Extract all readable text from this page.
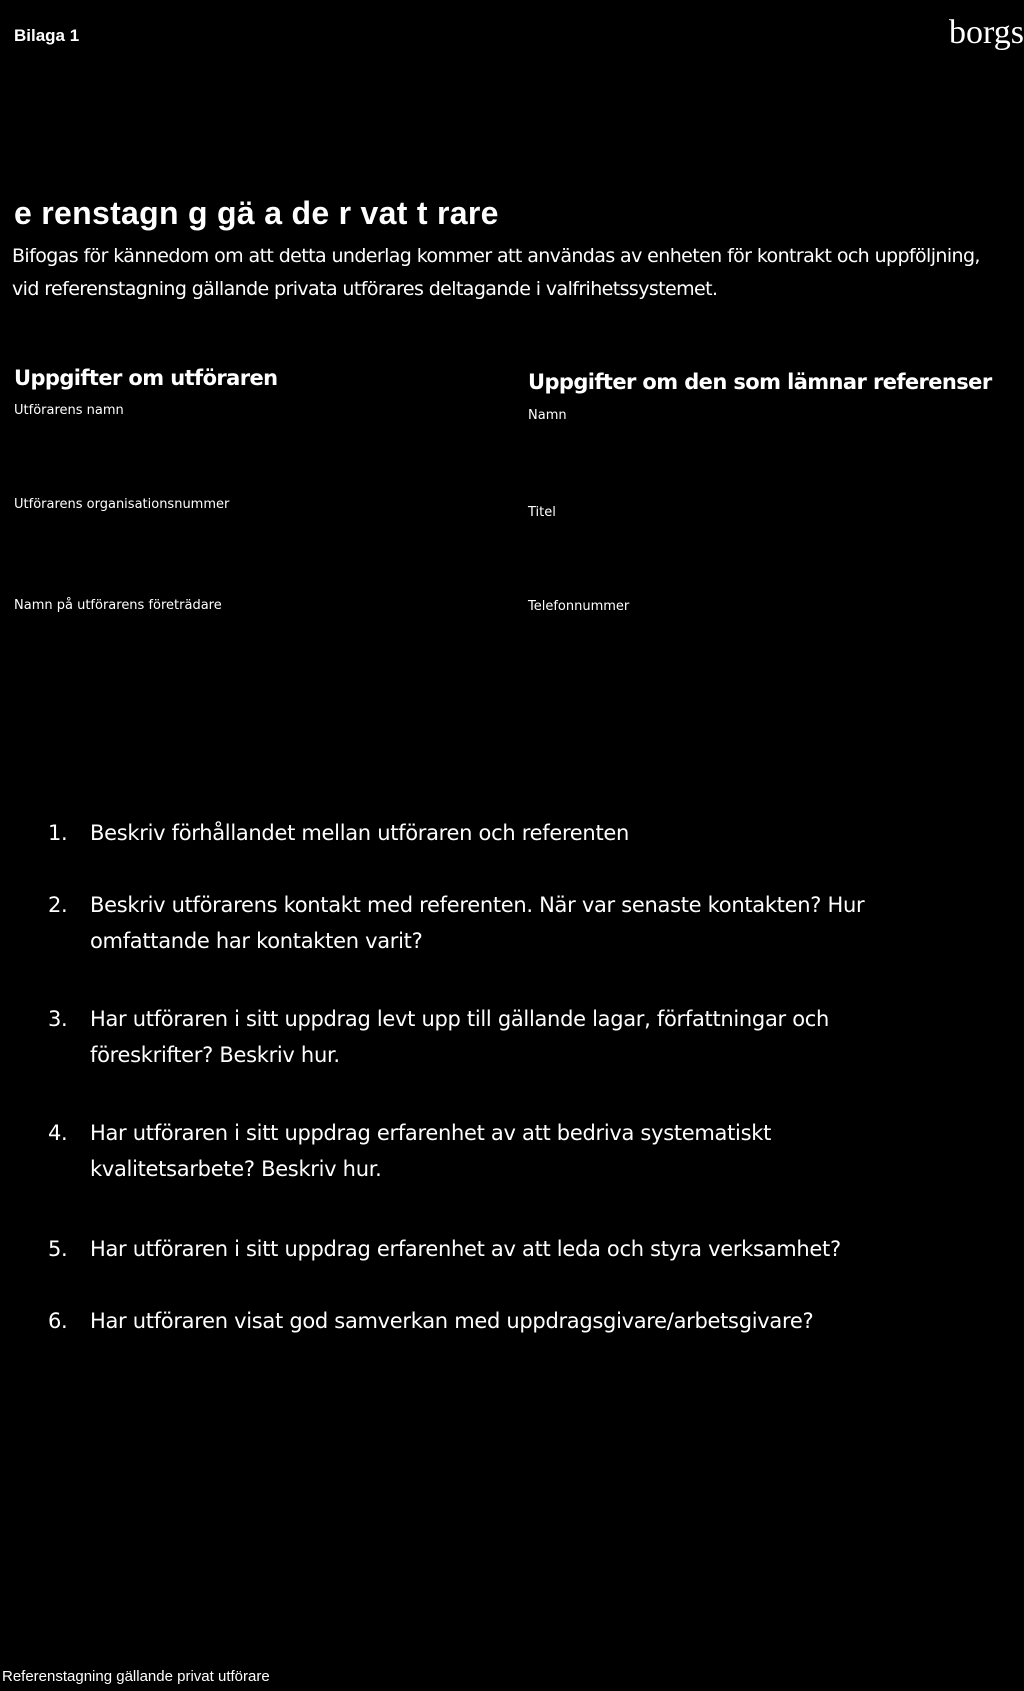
Bilaga 1	borgs
e renstagn g gä a de r vat t rare
Bifogas för kännedom om att detta underlag kommer att användas av enheten för kontrakt och uppföljning, vid referenstagning gällande privata utförares deltagande i valfrihetssystemet.
Uppgifter om utföraren
Utförarens namn
Utförarens organisationsnummer
Namn på utförarens företrädare
Uppgifter om den som lämnar referenser
Namn
Titel
Telefonnummer
1. Beskriv förhållandet mellan utföraren och referenten
2. Beskriv utförarens kontakt med referenten. När var senaste kontakten? Hur omfattande har kontakten varit?
3. Har utföraren i sitt uppdrag levt upp till gällande lagar, författningar och föreskrifter? Beskriv hur.
4. Har utföraren i sitt uppdrag erfarenhet av att bedriva systematiskt kvalitetsarbete? Beskriv hur.
5. Har utföraren i sitt uppdrag erfarenhet av att leda och styra verksamhet?
6. Har utföraren visat god samverkan med uppdragsgivare/arbetsgivare?
Referenstagning gällande privat utförare
